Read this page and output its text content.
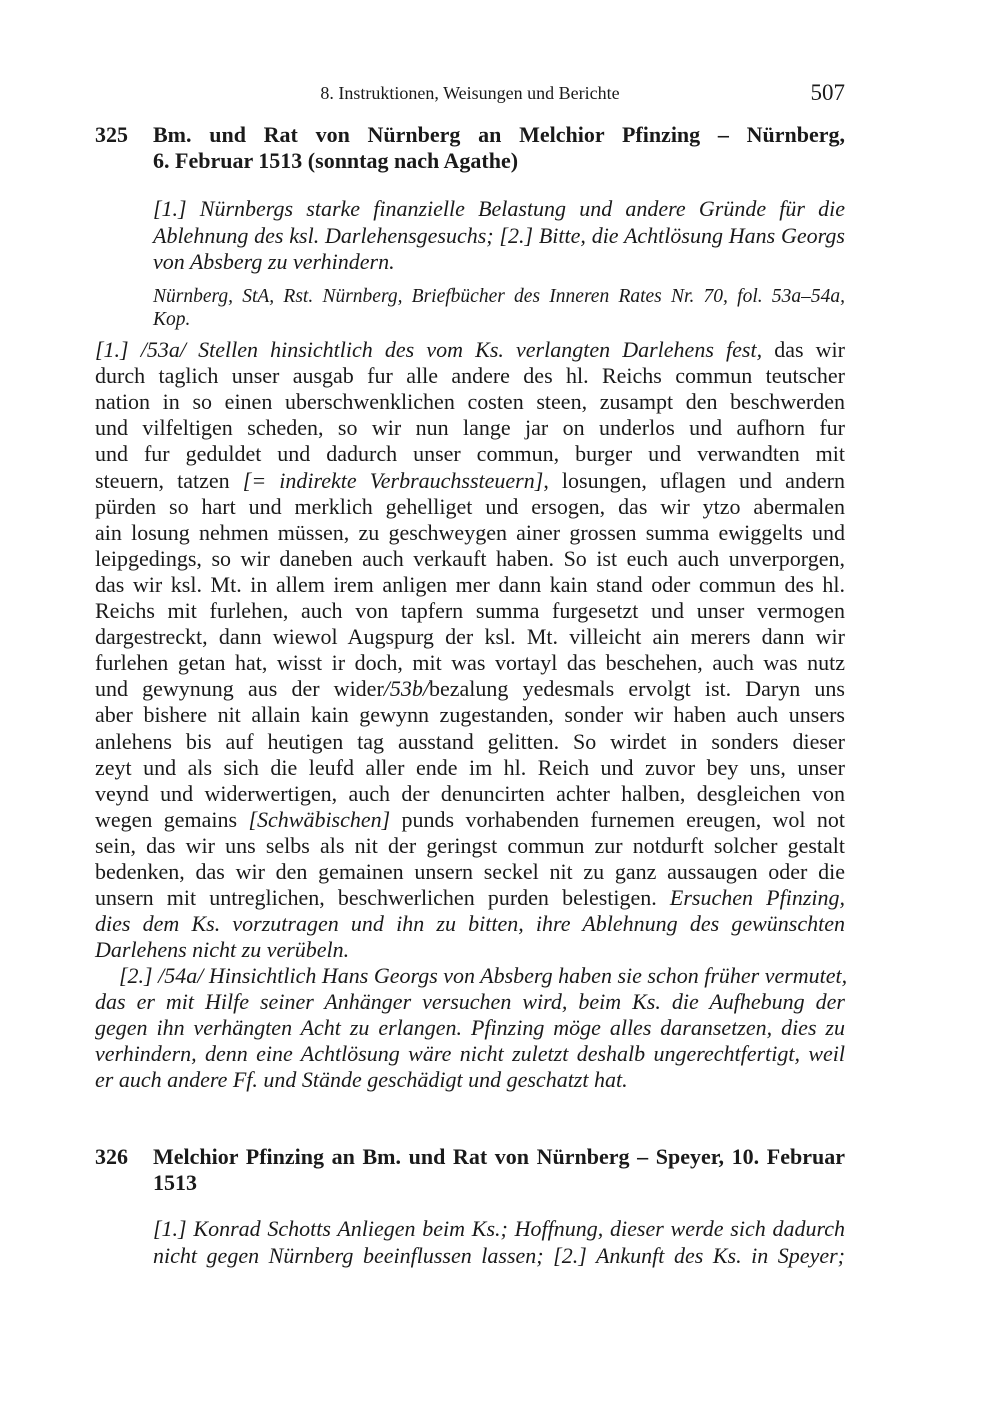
8. Instruktionen, Weisungen und Berichte	507
325 Bm. und Rat von Nürnberg an Melchior Pfinzing – Nürnberg,
6. Februar 1513 (sonntag nach Agathe)
[1.] Nürnbergs starke finanzielle Belastung und andere Gründe für die
Ablehnung des ksl. Darlehensgesuchs; [2.] Bitte, die Achtlösung Hans Georgs
von Absberg zu verhindern.
Nürnberg, StA, Rst. Nürnberg, Briefbücher des Inneren Rates Nr. 70, fol. 53a–54a,
Kop.
[1.] /53a/ Stellen hinsichtlich des vom Ks. verlangten Darlehens fest, das wir
durch taglich unser ausgab fur alle andere des hl. Reichs commun teutscher
nation in so einen uberschwenklichen costen steen, zusampt den beschwerden
und vilfeltigen scheden, so wir nun lange jar on underlos und aufhorn fur
und fur geduldet und dadurch unser commun, burger und verwandten mit
steuern, tatzen [= indirekte Verbrauchssteuern], losungen, uflagen und andern
pürden so hart und merklich gehelliget und ersogen, das wir ytzo abermalen
ain losung nehmen müssen, zu geschweygen ainer grossen summa ewiggelts und
leipgedings, so wir daneben auch verkauft haben. So ist euch auch unverporgen,
das wir ksl. Mt. in allem irem anligen mer dann kain stand oder commun des hl.
Reichs mit furlehen, auch von tapfern summa furgesetzt und unser vermogen
dargestreckt, dann wiewol Augspurg der ksl. Mt. villeicht ain merers dann wir
furlehen getan hat, wisst ir doch, mit was vortayl das beschehen, auch was nutz
und gewynung aus der wider/53b/bezalung yedesmals ervolgt ist. Daryn uns
aber bishere nit allain kain gewynn zugestanden, sonder wir haben auch unsers
anlehens bis auf heutigen tag ausstand gelitten. So wirdet in sonders dieser
zeyt und als sich die leufd aller ende im hl. Reich und zuvor bey uns, unser
veynd und widerwertigen, auch der denuncirten achter halben, desgleichen von
wegen gemains [Schwäbischen] punds vorhabenden furnemen ereugen, wol not
sein, das wir uns selbs als nit der geringst commun zur notdurft solcher gestalt
bedenken, das wir den gemainen unsern seckel nit zu ganz aussaugen oder die
unsern mit untreglichen, beschwerlichen purden belestigen. Ersuchen Pfinzing,
dies dem Ks. vorzutragen und ihn zu bitten, ihre Ablehnung des gewünschten
Darlehens nicht zu verübeln.
[2.] /54a/ Hinsichtlich Hans Georgs von Absberg haben sie schon früher vermutet,
das er mit Hilfe seiner Anhänger versuchen wird, beim Ks. die Aufhebung der
gegen ihn verhängten Acht zu erlangen. Pfinzing möge alles daransetzen, dies zu
verhindern, denn eine Achtlösung wäre nicht zuletzt deshalb ungerechtfertigt, weil
er auch andere Ff. und Stände geschädigt und geschatzt hat.
326 Melchior Pfinzing an Bm. und Rat von Nürnberg – Speyer, 10. Februar
1513
[1.] Konrad Schotts Anliegen beim Ks.; Hoffnung, dieser werde sich dadurch
nicht gegen Nürnberg beeinflussen lassen; [2.] Ankunft des Ks. in Speyer;
